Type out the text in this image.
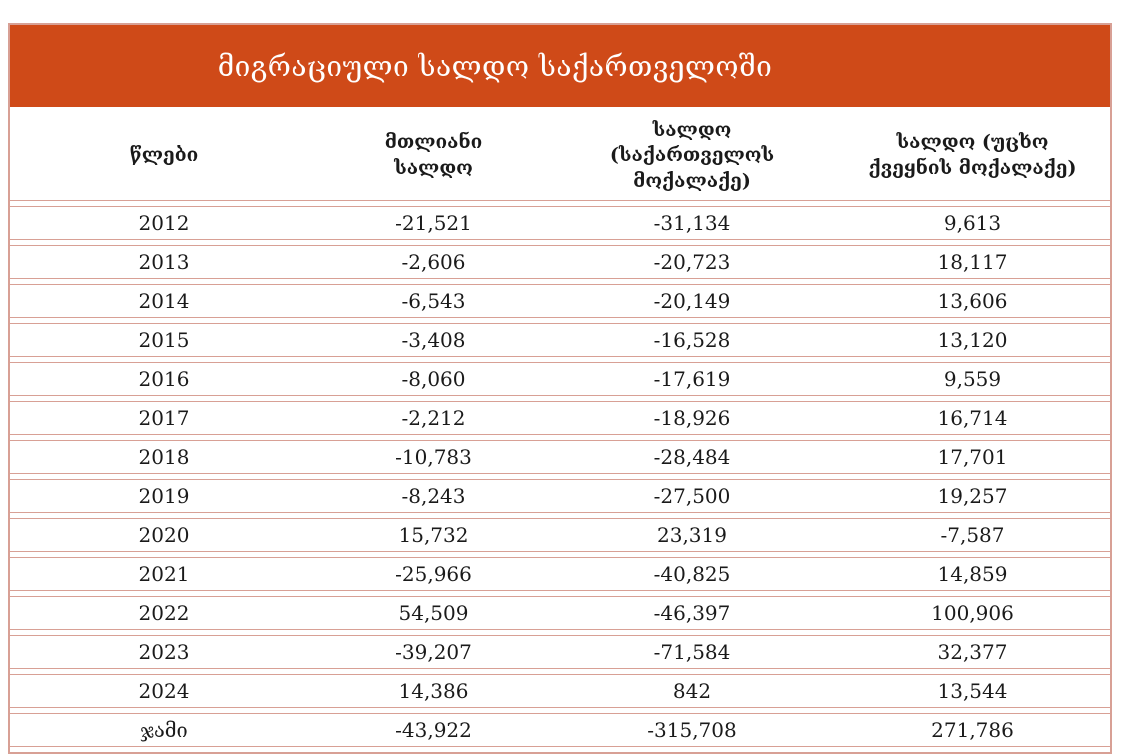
მიგრაციული სალდო საქართველოში
წლები	მთლიანი სალდო	სალდო (საქართველოს მოქალაქე)	სალდო (უცხო ქვეყნის მოქალაქე)
2012	-21,521	-31,134	9,613
2013	-2,606	-20,723	18,117
2014	-6,543	-20,149	13,606
2015	-3,408	-16,528	13,120
2016	-8,060	-17,619	9,559
2017	-2,212	-18,926	16,714
2018	-10,783	-28,484	17,701
2019	-8,243	-27,500	19,257
2020	15,732	23,319	-7,587
2021	-25,966	-40,825	14,859
2022	54,509	-46,397	100,906
2023	-39,207	-71,584	32,377
2024	14,386	842	13,544
ჯამი	-43,922	-315,708	271,786
